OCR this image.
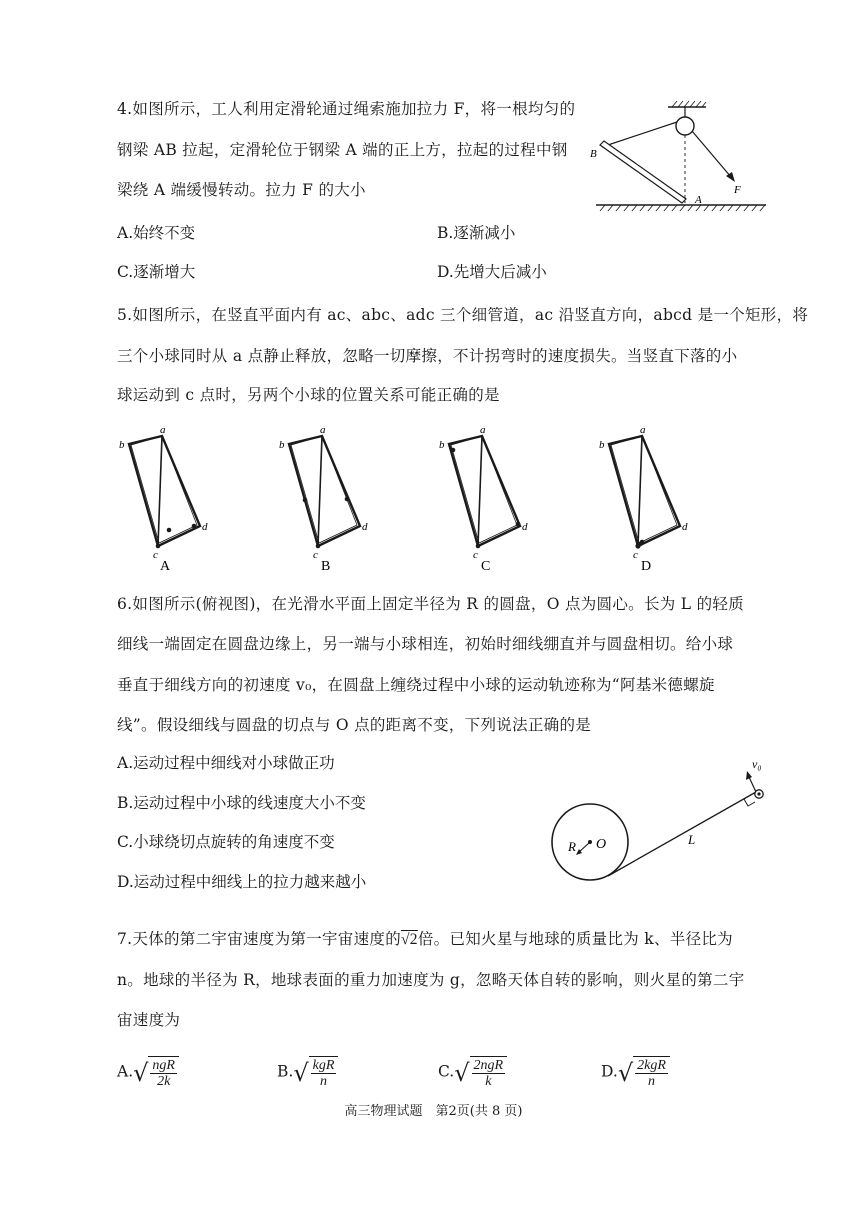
4.如图所示，工人利用定滑轮通过绳索施加拉力 F，将一根均匀的
钢梁 AB 拉起，定滑轮位于钢梁 A 端的正上方，拉起的过程中钢
梁绕 A 端缓慢转动。拉力 F 的大小
A.始终不变	B.逐渐减小
C.逐渐增大	D.先增大后减小
B
A
F
5.如图所示，在竖直平面内有 ac、abc、adc 三个细管道，ac 沿竖直方向，abcd 是一个矩形，将
三个小球同时从 a 点静止释放，忽略一切摩擦，不计拐弯时的速度损失。当竖直下落的小
球运动到 c 点时，另两个小球的位置关系可能正确的是
a
b
c
d
A
a
b
c
d
B
a
b
c
d
C
a
b
c
d
D
6.如图所示(俯视图)，在光滑水平面上固定半径为 R 的圆盘，O 点为圆心。长为 L 的轻质
细线一端固定在圆盘边缘上，另一端与小球相连，初始时细线绷直并与圆盘相切。给小球
垂直于细线方向的初速度 v₀，在圆盘上缠绕过程中小球的运动轨迹称为“阿基米德螺旋
线”。假设细线与圆盘的切点与 O 点的距离不变，下列说法正确的是
A.运动过程中细线对小球做正功
B.运动过程中小球的线速度大小不变
C.小球绕切点旋转的角速度不变
D.运动过程中细线上的拉力越来越小
R O	L
v₀
7.天体的第二宇宙速度为第一宇宙速度的√2倍。已知火星与地球的质量比为 k、半径比为
n。地球的半径为 R，地球表面的重力加速度为 g，忽略天体自转的影响，则火星的第二宇
宙速度为
A. √ $\frac{\text{ngR}}{2k}$	B. √ $\frac{\text{kgR}}{n}$	C. √ $\frac{\text{2ngR}}{k}$	D. √ $\frac{\text{2kgR}}{n}$
高三物理试题　第2页(共 8 页)
